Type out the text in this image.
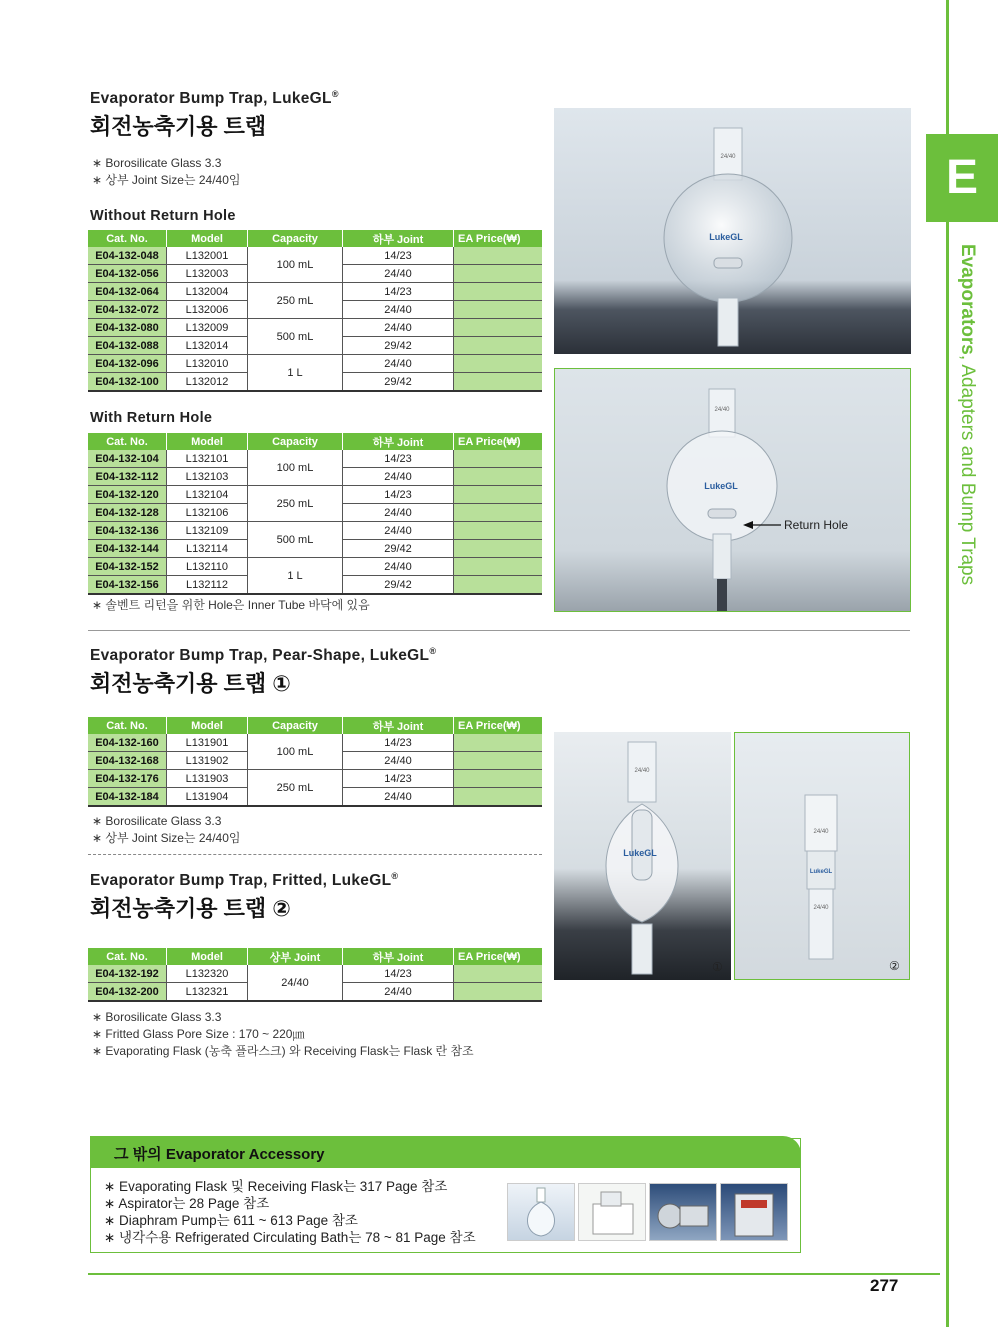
E
Evaporators, Adapters and Bump Traps
Evaporator Bump Trap, LukeGL®
회전농축기용 트랩
∗ Borosilicate Glass 3.3
∗ 상부 Joint Size는 24/40임
Without Return Hole
Cat. No.	Model	Capacity	하부 Joint	EA Price(₩)
E04-132-048	L132001	100 mL	14/23	
E04-132-056	L132003		24/40	
E04-132-064	L132004	250 mL	14/23	
E04-132-072	L132006		24/40	
E04-132-080	L132009	500 mL	24/40	
E04-132-088	L132014		29/42	
E04-132-096	L132010	1 L	24/40	
E04-132-100	L132012		29/42	
With Return Hole
Cat. No.	Model	Capacity	하부 Joint	EA Price(₩)
E04-132-104	L132101	100 mL	14/23	
E04-132-112	L132103		24/40	
E04-132-120	L132104	250 mL	14/23	
E04-132-128	L132106		24/40	
E04-132-136	L132109	500 mL	24/40	
E04-132-144	L132114		29/42	
E04-132-152	L132110	1 L	24/40	
E04-132-156	L132112		29/42	
∗ 솔벤트 리턴을 위한 Hole은 Inner Tube 바닥에 있음
24/40
LukeGL
24/40
LukeGL
Return Hole
Evaporator Bump Trap, Pear-Shape, LukeGL®
회전농축기용 트랩 ①
Cat. No.	Model	Capacity	하부 Joint	EA Price(₩)
E04-132-160	L131901	100 mL	14/23	
E04-132-168	L131902		24/40	
E04-132-176	L131903	250 mL	14/23	
E04-132-184	L131904		24/40	
∗ Borosilicate Glass 3.3
∗ 상부 Joint Size는 24/40임
Evaporator Bump Trap, Fritted, LukeGL®
회전농축기용 트랩 ②
Cat. No.	Model	상부 Joint	하부 Joint	EA Price(₩)
E04-132-192	L132320	24/40	14/23	
E04-132-200	L132321		24/40	
∗ Borosilicate Glass 3.3
∗ Fritted Glass Pore Size : 170 ~ 220㎛
∗ Evaporating Flask (농축 플라스크) 와 Receiving Flask는 Flask 란 참조
24/40
LukeGL
①
24/40
LukeGL
24/40
②
그 밖의 Evaporator Accessory
∗ Evaporating Flask 및 Receiving Flask는 317 Page 참조
∗ Aspirator는 28 Page 참조
∗ Diaphram Pump는 611 ~ 613 Page 참조
∗ 냉각수용 Refrigerated Circulating Bath는 78 ~ 81 Page 참조
277
